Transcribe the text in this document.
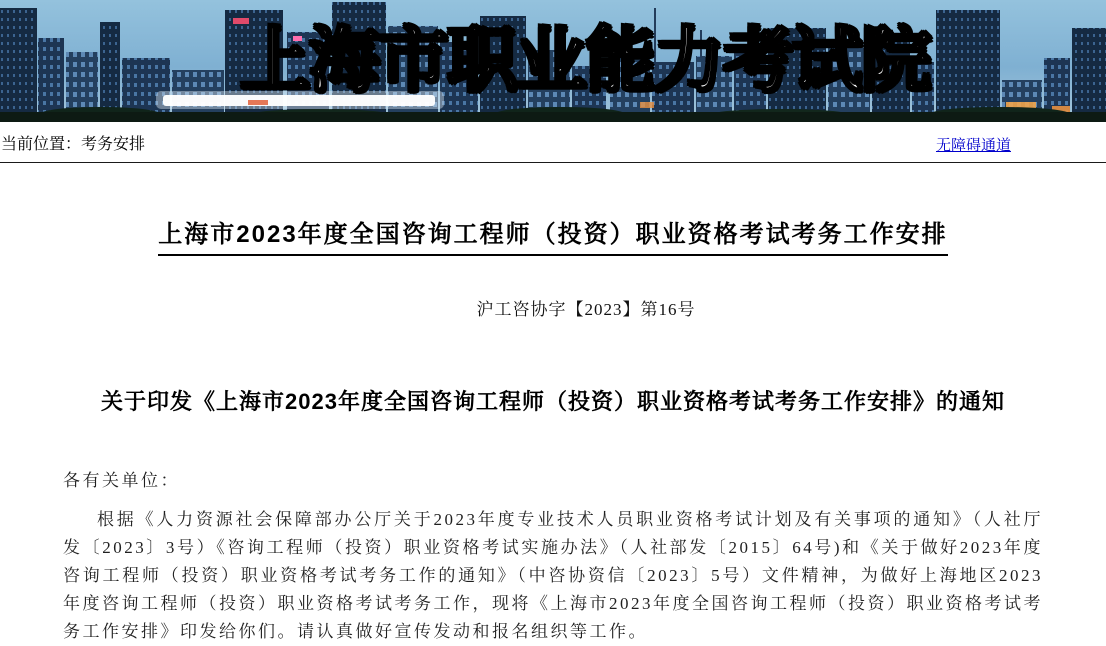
上海市职业能力考试院
当前位置： 考务安排	无障碍通道
上海市2023年度全国咨询工程师（投资）职业资格考试考务工作安排
沪工咨协字【2023】第16号
关于印发《上海市2023年度全国咨询工程师（投资）职业资格考试考务工作安排》的通知

各有关单位：

根据《人力资源社会保障部办公厅关于2023年度专业技术人员职业资格考试计划及有关事项的通知》（人社厅发〔2023〕3号）《咨询工程师（投资）职业资格考试实施办法》（人社部发〔2015〕64号)和《关于做好2023年度咨询工程师（投资）职业资格考试考务工作的通知》（中咨协资信〔2023〕5号）文件精神，为做好上海地区2023年度咨询工程师（投资）职业资格考试考务工作，现将《上海市2023年度全国咨询工程师（投资）职业资格考试考务工作安排》印发给你们。请认真做好宣传发动和报名组织等工作。
